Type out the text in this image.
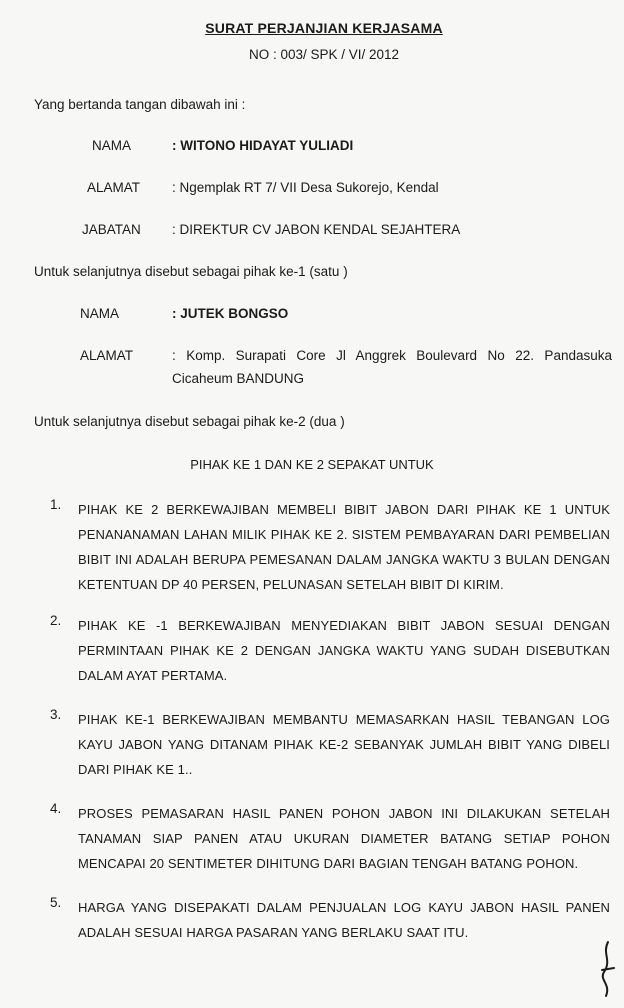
SURAT PERJANJIAN KERJASAMA
NO : 003/ SPK / VI/ 2012
Yang bertanda tangan dibawah ini :
NAMA	: WITONO HIDAYAT YULIADI
ALAMAT : Ngemplak RT 7/ VII Desa Sukorejo, Kendal
JABATAN : DIREKTUR CV JABON KENDAL SEJAHTERA
Untuk selanjutnya disebut sebagai pihak ke-1 (satu )
NAMA	: JUTEK BONGSO
ALAMAT	: Komp. Surapati Core Jl Anggrek Boulevard No 22. Pandasuka Cicaheum BANDUNG
Untuk selanjutnya disebut sebagai pihak ke-2 (dua )
PIHAK KE 1 DAN KE 2 SEPAKAT UNTUK
1.	PIHAK KE 2 BERKEWAJIBAN MEMBELI BIBIT JABON DARI PIHAK KE 1 UNTUK PENANANAMAN LAHAN MILIK PIHAK KE 2. SISTEM PEMBAYARAN DARI PEMBELIAN BIBIT INI ADALAH BERUPA PEMESANAN DALAM JANGKA WAKTU 3 BULAN DENGAN KETENTUAN DP 40 PERSEN, PELUNASAN SETELAH BIBIT DI KIRIM.
2.	PIHAK KE -1 BERKEWAJIBAN MENYEDIAKAN BIBIT JABON SESUAI DENGAN PERMINTAAN PIHAK KE 2 DENGAN JANGKA WAKTU YANG SUDAH DISEBUTKAN DALAM AYAT PERTAMA.
3.	PIHAK KE-1 BERKEWAJIBAN MEMBANTU MEMASARKAN HASIL TEBANGAN LOG KAYU JABON YANG DITANAM PIHAK KE-2 SEBANYAK JUMLAH BIBIT YANG DIBELI DARI PIHAK KE 1..
4.	PROSES PEMASARAN HASIL PANEN POHON JABON INI DILAKUKAN SETELAH TANAMAN SIAP PANEN ATAU UKURAN DIAMETER BATANG SETIAP POHON MENCAPAI 20 SENTIMETER DIHITUNG DARI BAGIAN TENGAH BATANG POHON.
5.	HARGA YANG DISEPAKATI DALAM PENJUALAN LOG KAYU JABON HASIL PANEN ADALAH SESUAI HARGA PASARAN YANG BERLAKU SAAT ITU.
